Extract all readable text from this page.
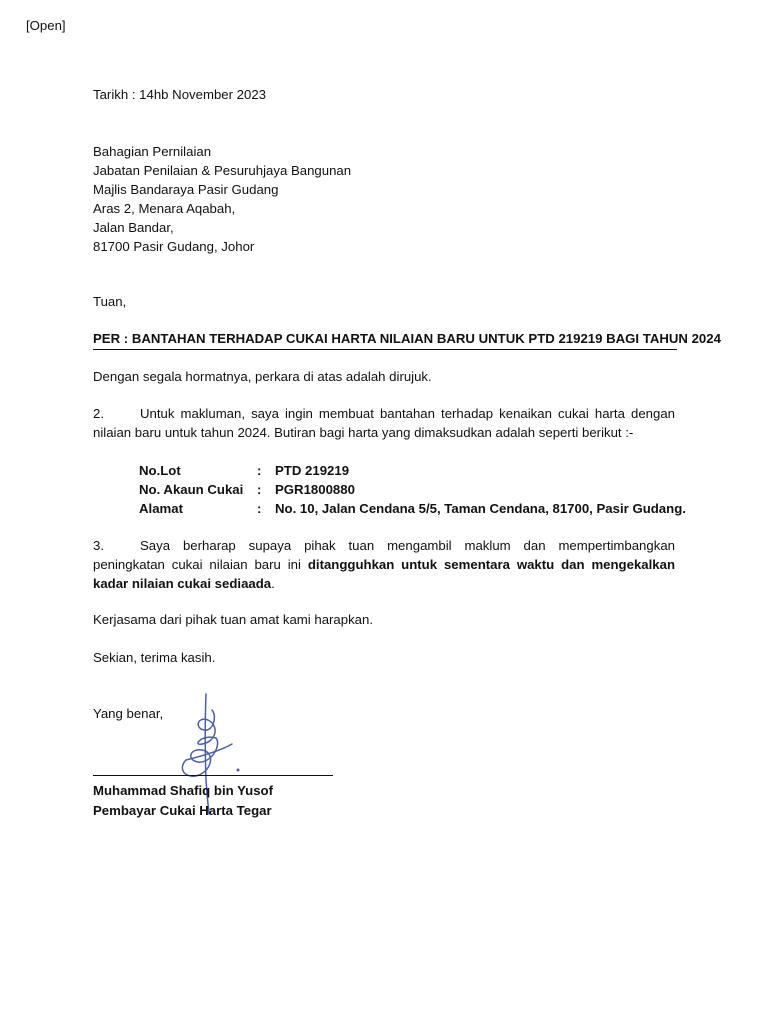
[Open]

Tarikh : 14hb November 2023

Bahagian Pernilaian
Jabatan Penilaian & Pesuruhjaya Bangunan
Majlis Bandaraya Pasir Gudang
Aras 2, Menara Aqabah,
Jalan Bandar,
81700 Pasir Gudang, Johor

Tuan,

PER : BANTAHAN TERHADAP CUKAI HARTA NILAIAN BARU UNTUK PTD 219219 BAGI TAHUN 2024

Dengan segala hormatnya, perkara di atas adalah dirujuk.

2.	Untuk makluman, saya ingin membuat bantahan terhadap kenaikan cukai harta dengan nilaian baru untuk tahun 2024. Butiran bagi harta yang dimaksudkan adalah seperti berikut :-

No.Lot	:	PTD 219219
No. Akaun Cukai	:	PGR1800880
Alamat	:	No. 10, Jalan Cendana 5/5, Taman Cendana, 81700, Pasir Gudang.

3.	Saya berharap supaya pihak tuan mengambil maklum dan mempertimbangkan peningkatan cukai nilaian baru ini ditangguhkan untuk sementara waktu dan mengekalkan kadar nilaian cukai sediaada.

Kerjasama dari pihak tuan amat kami harapkan.

Sekian, terima kasih.

Yang benar,

Muhammad Shafiq bin Yusof
Pembayar Cukai Harta Tegar
